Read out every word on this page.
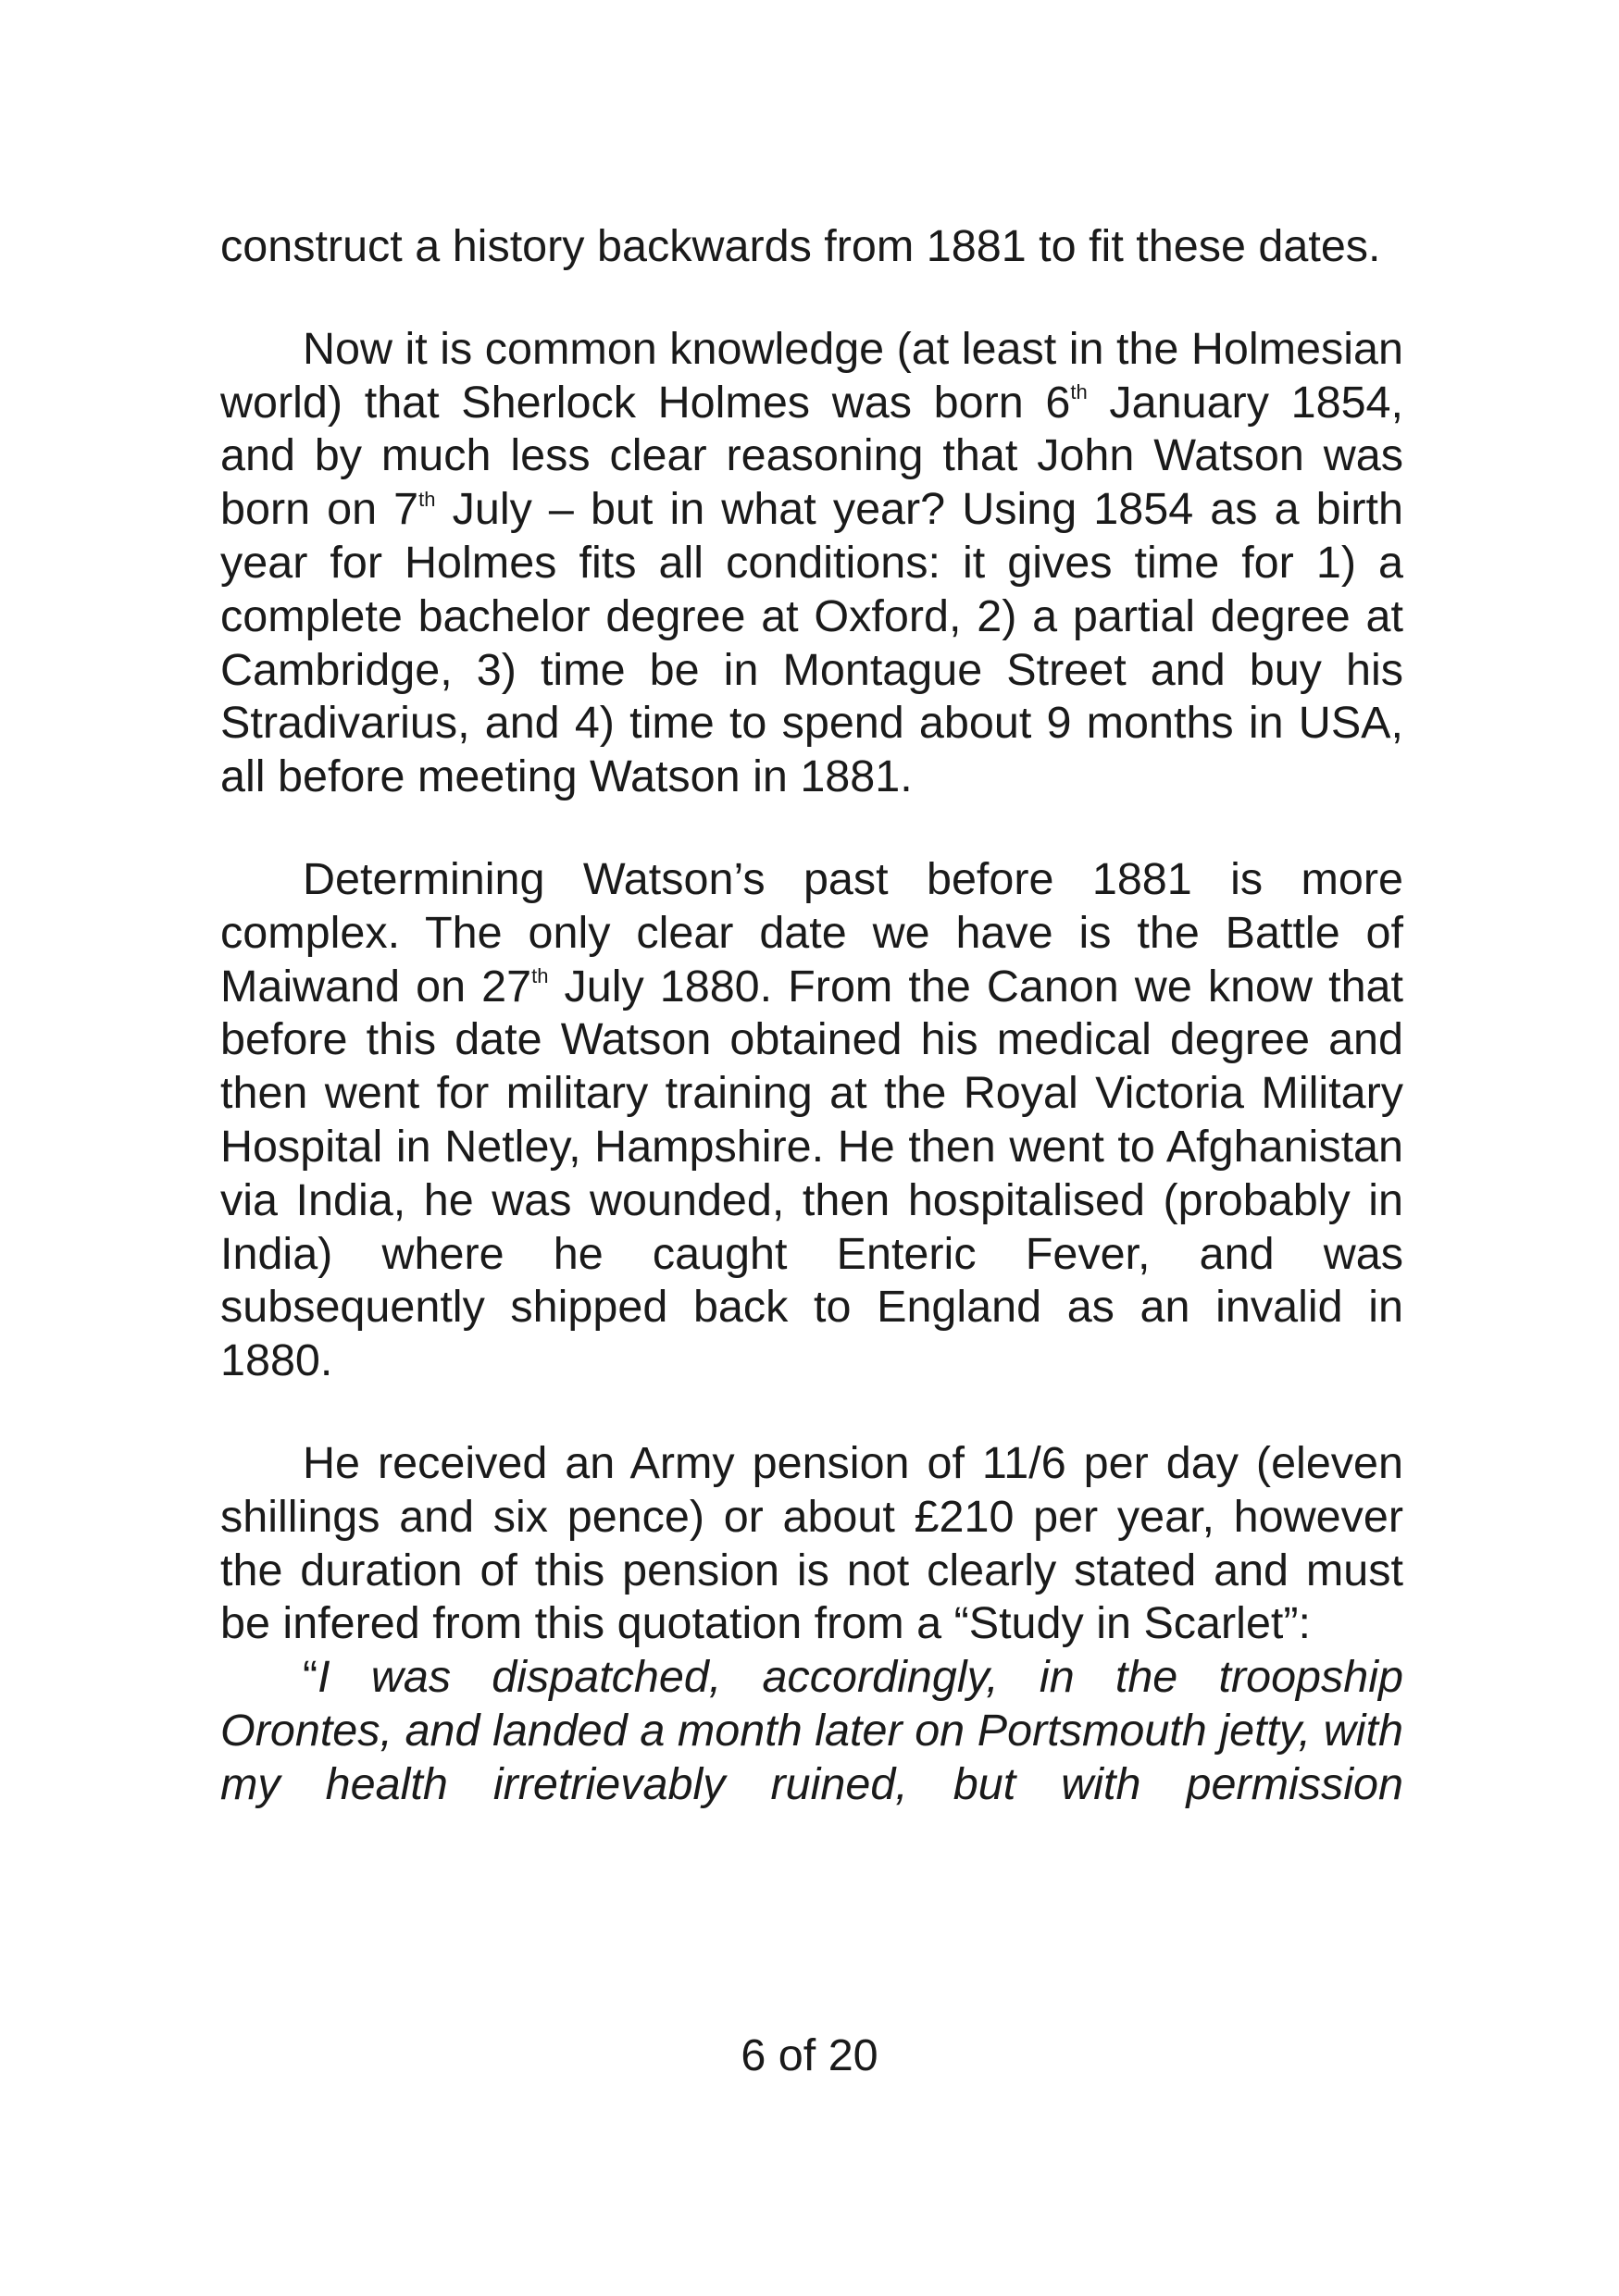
construct a history backwards from 1881 to fit these dates.

Now it is common knowledge (at least in the Holmesian world) that Sherlock Holmes was born 6th January 1854, and by much less clear reasoning that John Watson was born on 7th July – but in what year? Using 1854 as a birth year for Holmes fits all conditions: it gives time for 1) a complete bachelor degree at Oxford, 2) a partial degree at Cambridge, 3) time be in Montague Street and buy his Stradivarius, and 4) time to spend about 9 months in USA, all before meeting Watson in 1881.

Determining Watson’s past before 1881 is more complex. The only clear date we have is the Battle of Maiwand on 27th July 1880. From the Canon we know that before this date Watson obtained his medical degree and then went for military training at the Royal Victoria Military Hospital in Netley, Hampshire. He then went to Afghanistan via India, he was wounded, then hospitalised (probably in India) where he caught Enteric Fever, and was subsequently shipped back to England as an invalid in 1880.

He received an Army pension of 11/6 per day (eleven shillings and six pence) or about £210 per year, however the duration of this pension is not clearly stated and must be infered from this quotation from a “Study in Scarlet”:

“I was dispatched, accordingly, in the troopship Orontes, and landed a month later on Portsmouth jetty, with my health irretrievably ruined, but with permission

6 of 20
